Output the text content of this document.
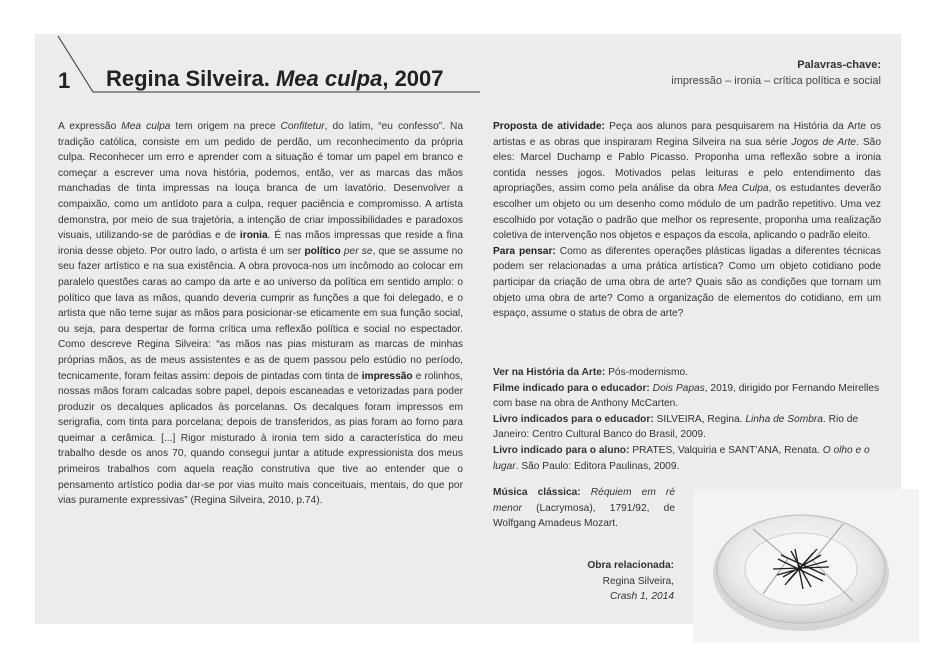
1 Regina Silveira. Mea culpa, 2007
Palavras-chave:
impressão – ironia – crítica política e social
A expressão Mea culpa tem origem na prece Confitetur, do latim, “eu confesso”. Na tradição católica, consiste em um pedido de perdão, um reconhecimento da própria culpa. Reconhecer um erro e aprender com a situação é tomar um papel em branco e começar a escrever uma nova história, podemos, então, ver as marcas das mãos manchadas de tinta impressas na louça branca de um lavatório. Desenvolver a compaixão, como um antídoto para a culpa, requer paciência e compromisso. A artista demonstra, por meio de sua trajetória, a intenção de criar impossibilidades e paradoxos visuais, utilizando-se de paródias e de ironia. É nas mãos impressas que reside a fina ironia desse objeto. Por outro lado, o artista é um ser político per se, que se assume no seu fazer artístico e na sua existência. A obra provoca-nos um incômodo ao colocar em paralelo questões caras ao campo da arte e ao universo da política em sentido amplo: o político que lava as mãos, quando deveria cumprir as funções a que foi delegado, e o artista que não teme sujar as mãos para posicionar-se eticamente em sua função social, ou seja, para despertar de forma crítica uma reflexão política e social no espectador. Como descreve Regina Silveira: “as mãos nas pias misturam as marcas de minhas próprias mãos, as de meus assistentes e as de quem passou pelo estúdio no período, tecnicamente, foram feitas assim: depois de pintadas com tinta de impressão e rolinhos, nossas mãos foram calcadas sobre papel, depois escaneadas e vetorizadas para poder produzir os decalques aplicados às porcelanas. Os decalques foram impressos em serigrafia, com tinta para porcelana; depois de transferidos, as pias foram ao forno para queimar a cerâmica. [...] Rigor misturado à ironia tem sido a característica do meu trabalho desde os anos 70, quando consegui juntar a atitude expressionista dos meus primeiros trabalhos com aquela reação construtiva que tive ao entender que o pensamento artístico podia dar-se por vias muito mais conceituais, mentais, do que por vias puramente expressivas” (Regina Silveira, 2010, p.74).
Proposta de atividade: Peça aos alunos para pesquisarem na História da Arte os artistas e as obras que inspiraram Regina Silveira na sua série Jogos de Arte. São eles: Marcel Duchamp e Pablo Picasso. Proponha uma reflexão sobre a ironia contida nesses jogos. Motivados pelas leituras e pelo entendimento das apropriações, assim como pela análise da obra Mea Culpa, os estudantes deverão escolher um objeto ou um desenho como módulo de um padrão repetitivo. Uma vez escolhido por votação o padrão que melhor os represente, proponha uma realização coletiva de intervenção nos objetos e espaços da escola, aplicando o padrão eleito.
Para pensar: Como as diferentes operações plásticas ligadas a diferentes técnicas podem ser relacionadas a uma prática artística? Como um objeto cotidiano pode participar da criação de uma obra de arte? Quais são as condições que tornam um objeto uma obra de arte? Como a organização de elementos do cotidiano, em um espaço, assume o status de obra de arte?
Ver na História da Arte: Pós-modernismo.
Filme indicado para o educador: Dois Papas, 2019, dirigido por Fernando Meirelles com base na obra de Anthony McCarten.
Livro indicados para o educador: SILVEIRA, Regina. Linha de Sombra. Rio de Janeiro: Centro Cultural Banco do Brasil, 2009.
Livro indicado para o aluno: PRATES, Valquiria e SANT’ANA, Renata. O olho e o lugar. São Paulo: Editora Paulinas, 2009.
Música clássica: Réquiem em ré menor (Lacrymosa), 1791/92, de Wolfgang Amadeus Mozart.
Obra relacionada:
Regina Silveira,
Crash 1, 2014
